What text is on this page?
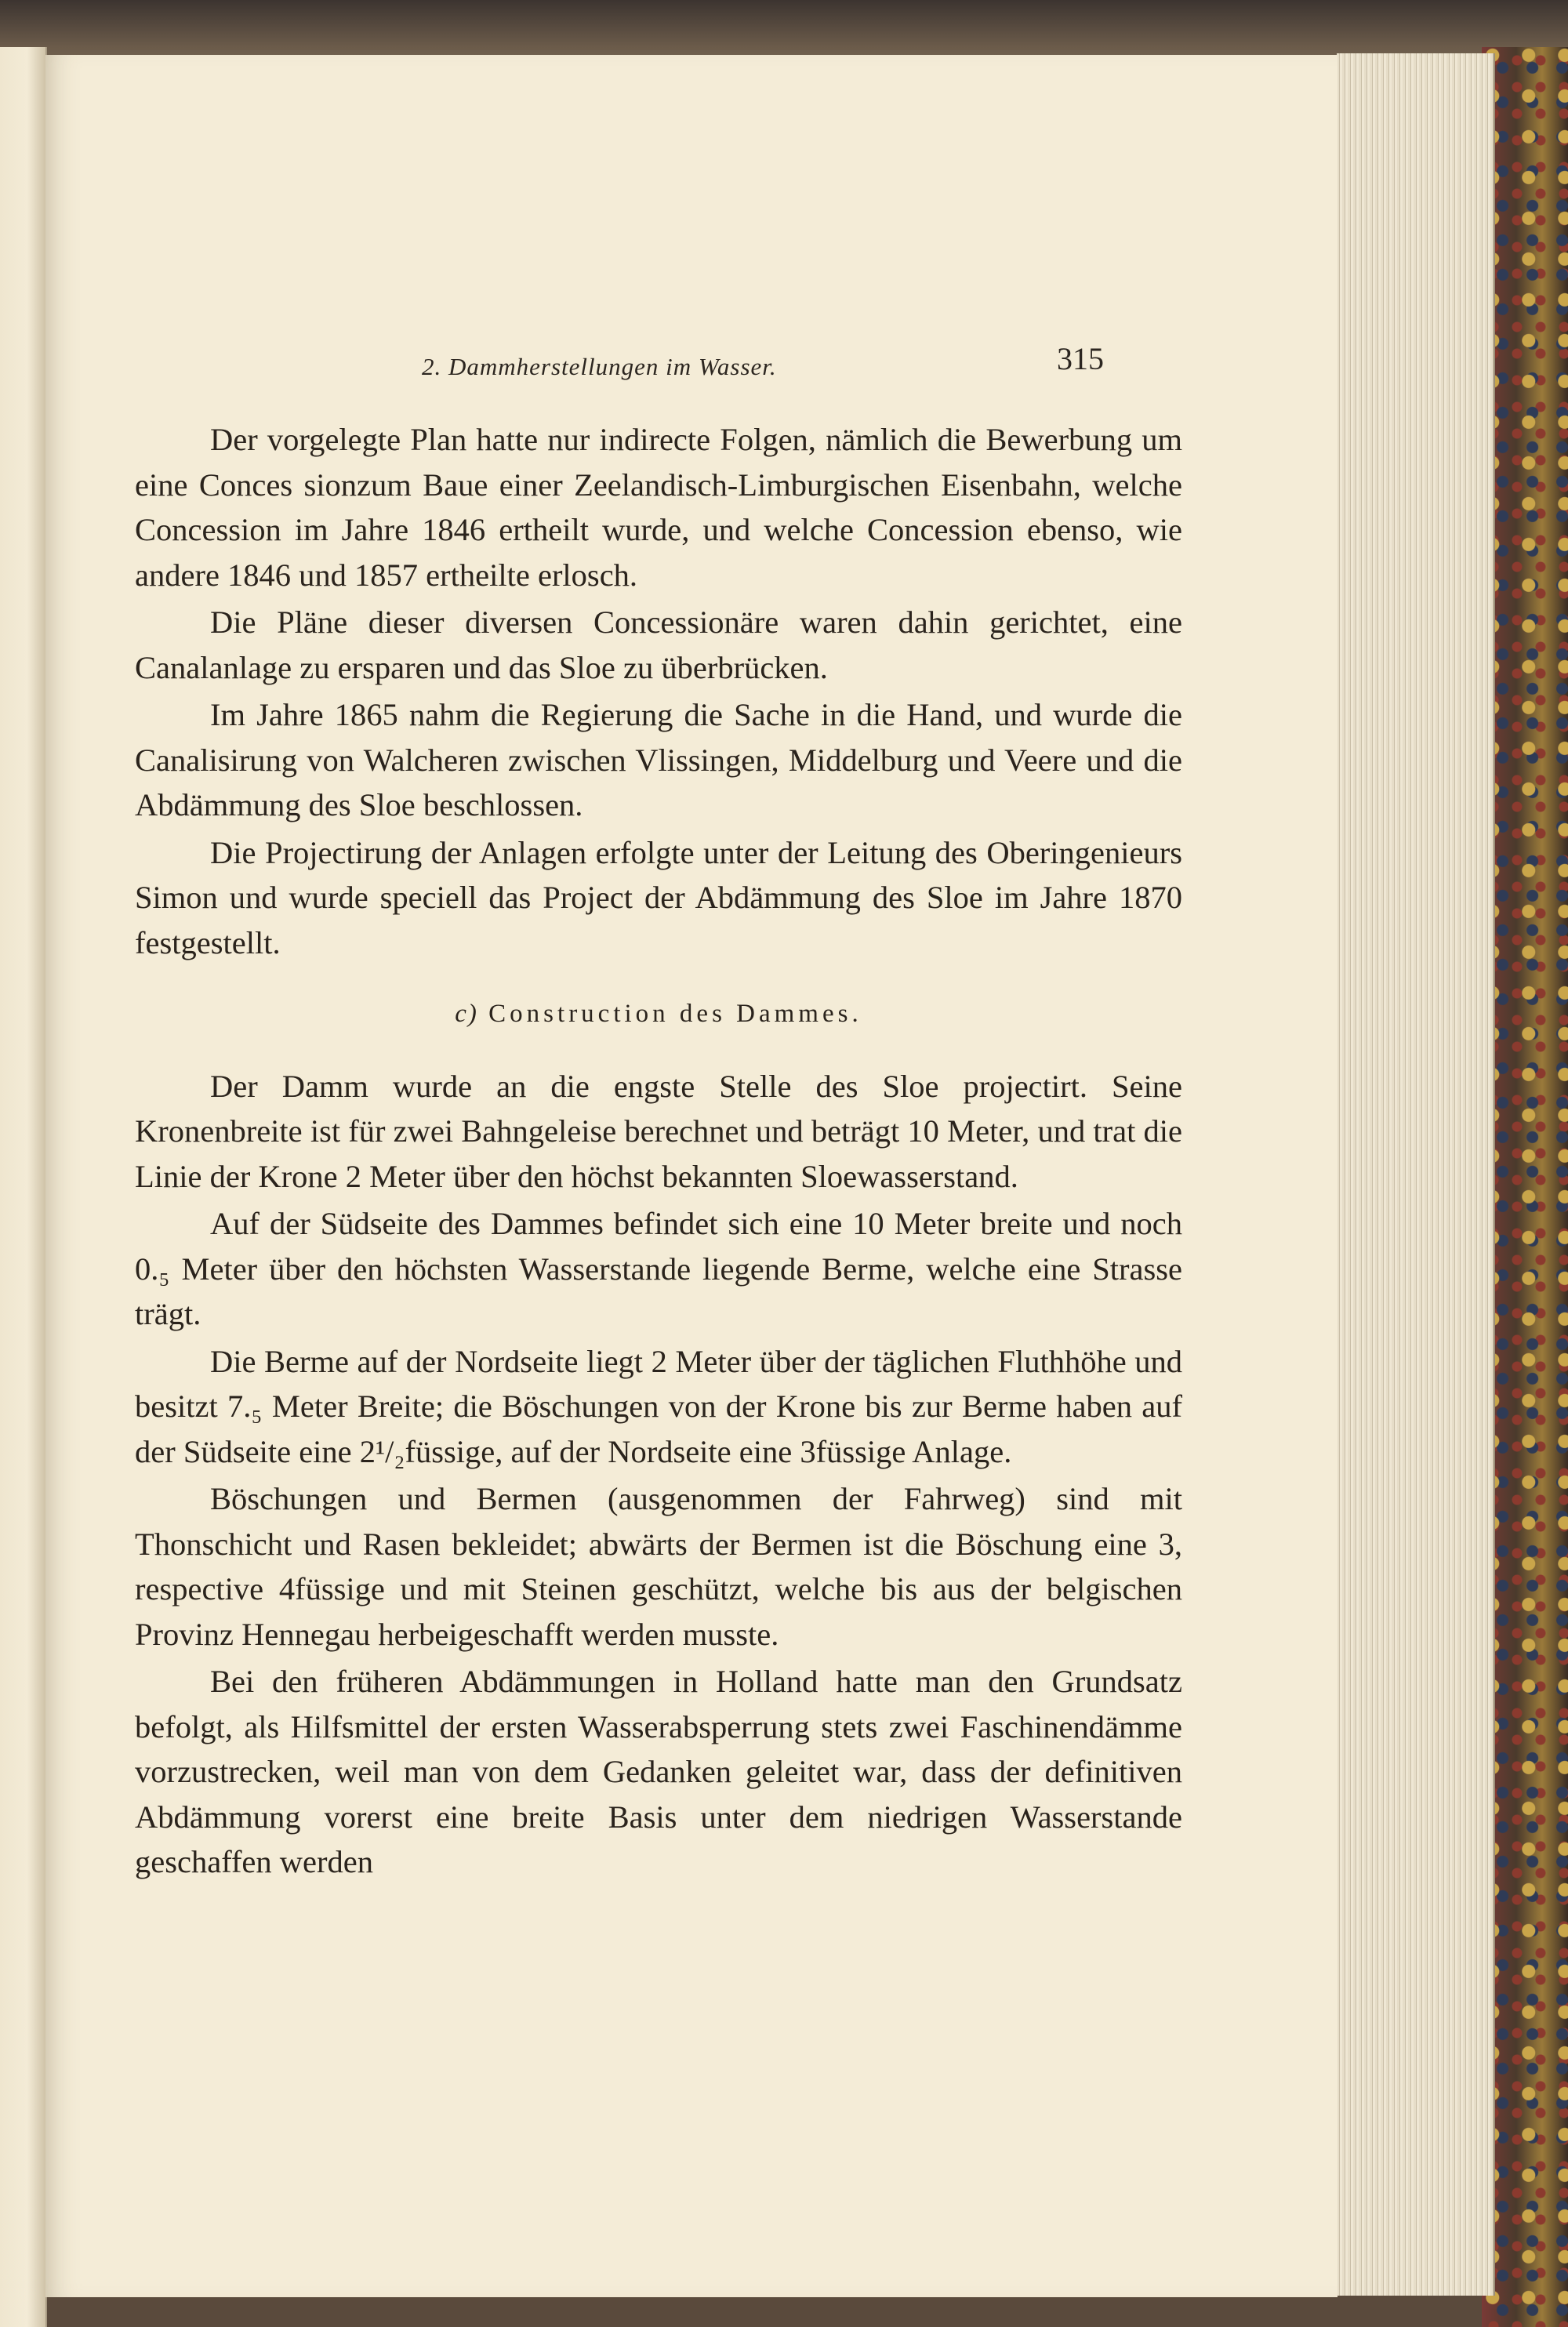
2. Dammherstellungen im Wasser.	315

Der vorgelegte Plan hatte nur indirecte Folgen, nämlich die Bewerbung um eine Conces sionzum Baue einer Zeelandisch-Limburgischen Eisenbahn, welche Concession im Jahre 1846 ertheilt wurde, und welche Concession ebenso, wie andere 1846 und 1857 ertheilte erlosch.

Die Pläne dieser diversen Concessionäre waren dahin gerichtet, eine Canalanlage zu ersparen und das Sloe zu überbrücken.

Im Jahre 1865 nahm die Regierung die Sache in die Hand, und wurde die Canalisirung von Walcheren zwischen Vlissingen, Middelburg und Veere und die Abdämmung des Sloe beschlossen.

Die Projectirung der Anlagen erfolgte unter der Leitung des Oberingenieurs Simon und wurde speciell das Project der Abdämmung des Sloe im Jahre 1870 festgestellt.

c) Construction des Dammes.

Der Damm wurde an die engste Stelle des Sloe projectirt. Seine Kronenbreite ist für zwei Bahngeleise berechnet und beträgt 10 Meter, und trat die Linie der Krone 2 Meter über den höchst bekannten Sloewasserstand.

Auf der Südseite des Dammes befindet sich eine 10 Meter breite und noch 0.₅ Meter über den höchsten Wasserstande liegende Berme, welche eine Strasse trägt.

Die Berme auf der Nordseite liegt 2 Meter über der täglichen Fluthhöhe und besitzt 7.₅ Meter Breite; die Böschungen von der Krone bis zur Berme haben auf der Südseite eine 2¹/₂füssige, auf der Nordseite eine 3füssige Anlage.

Böschungen und Bermen (ausgenommen der Fahrweg) sind mit Thonschicht und Rasen bekleidet; abwärts der Bermen ist die Böschung eine 3, respective 4füssige und mit Steinen geschützt, welche bis aus der belgischen Provinz Hennegau herbeigeschafft werden musste.

Bei den früheren Abdämmungen in Holland hatte man den Grundsatz befolgt, als Hilfsmittel der ersten Wasserabsperrung stets zwei Faschinendämme vorzustrecken, weil man von dem Gedanken geleitet war, dass der definitiven Abdämmung vorerst eine breite Basis unter dem niedrigen Wasserstande geschaffen werden
